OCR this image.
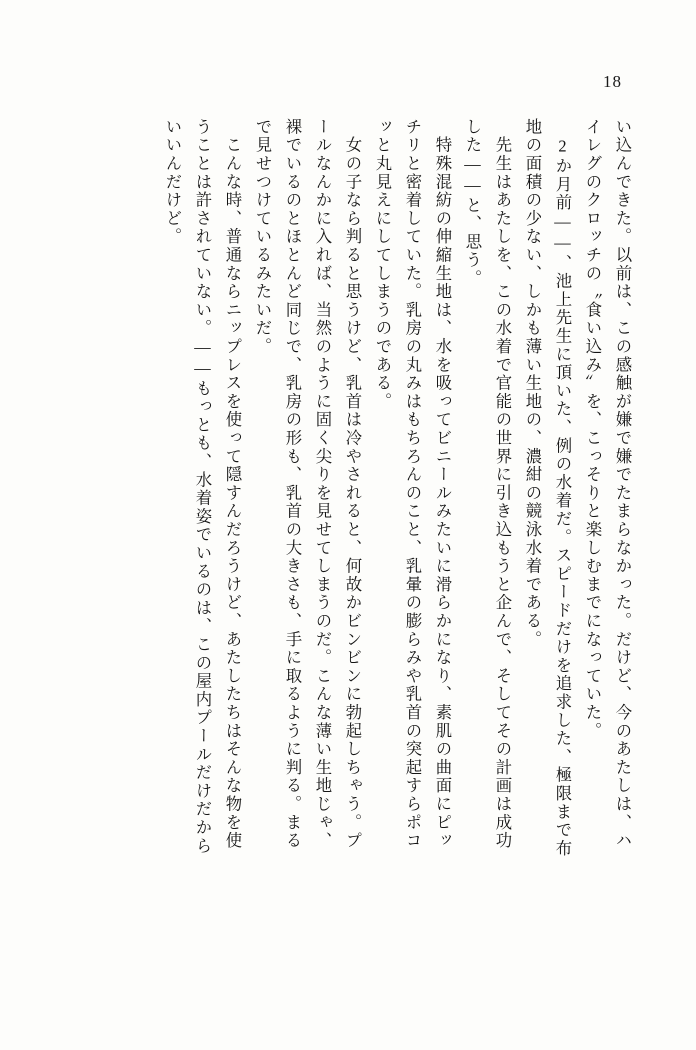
18
い込んできた。以前は、この感触が嫌で嫌でたまらなかった。だけど、今のあたしは、ハ
イレグのクロッチの〝食い込み〟を、こっそりと楽しむまでになっていた。
　2か月前――、池上先生に頂いた、例の水着だ。スピードだけを追求した、極限まで布
地の面積の少ない、しかも薄い生地の、濃紺の競泳水着である。
　先生はあたしを、この水着で官能の世界に引き込もうと企んで、そしてその計画は成功
した――と、思う。
　特殊混紡の伸縮生地は、水を吸ってビニールみたいに滑らかになり、素肌の曲面にピッ
チリと密着していた。乳房の丸みはもちろんのこと、乳暈の膨らみや乳首の突起すらポコ
ッと丸見えにしてしまうのである。
　女の子なら判ると思うけど、乳首は冷やされると、何故かビンビンに勃起しちゃう。プ
ールなんかに入れば、当然のように固く尖りを見せてしまうのだ。こんな薄い生地じゃ、
裸でいるのとほとんど同じで、乳房の形も、乳首の大きさも、手に取るように判る。まる
で見せつけているみたいだ。
　こんな時、普通ならニップレスを使って隠すんだろうけど、あたしたちはそんな物を使
うことは許されていない。――もっとも、水着姿でいるのは、この屋内プールだけだから
いいんだけど。
